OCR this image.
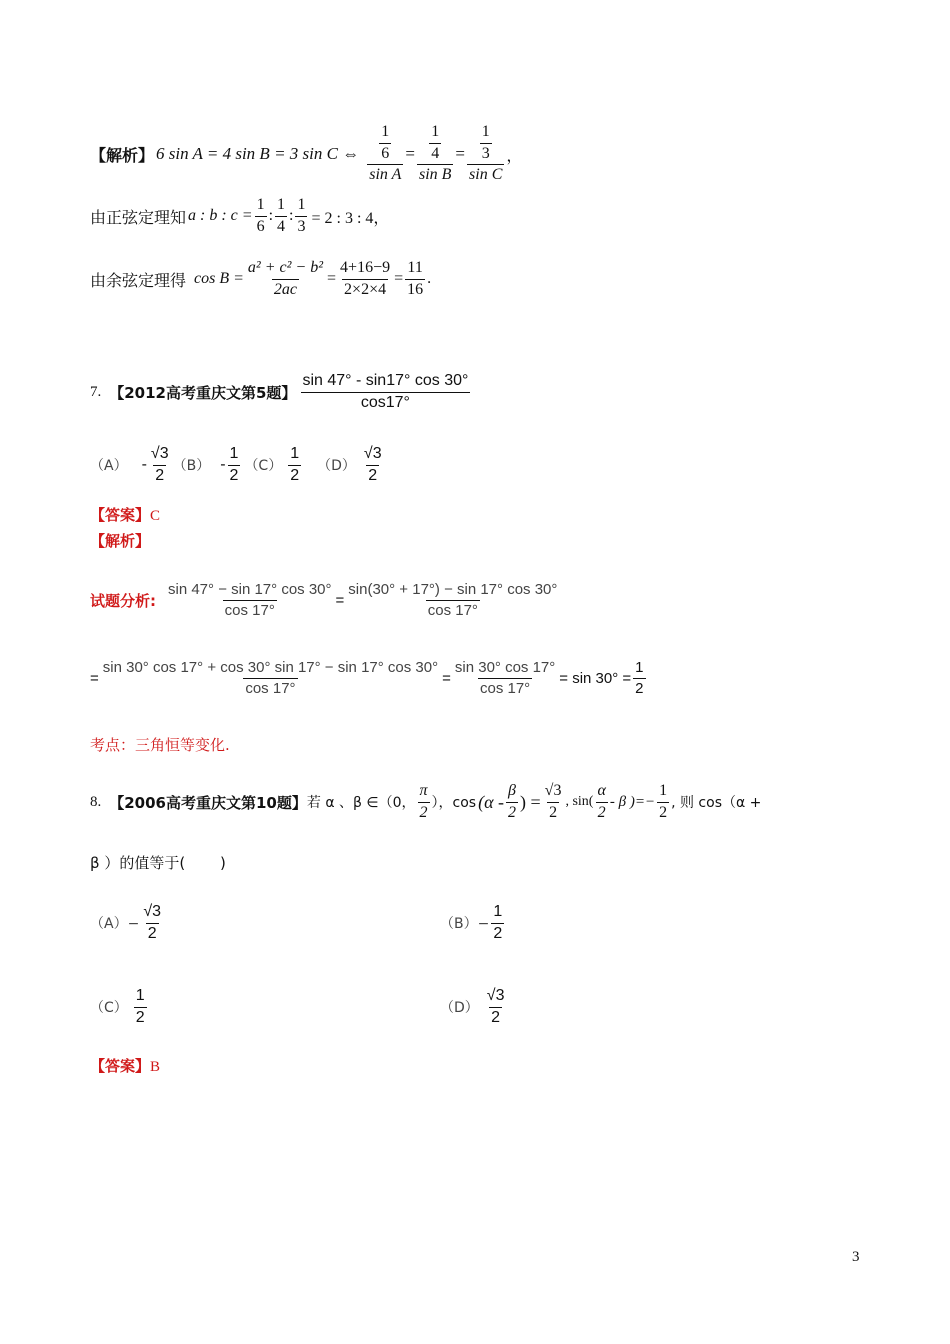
【解析】 6 sin A = 4 sin B = 3 sin C ⇔ $\frac{\frac{1}{6}}{\text{sin A}} = \frac{\frac{1}{4}}{\text{sin B}} = \frac{\frac{1}{3}}{\text{sin C}}$ ，
由正弦定理知 a : b : $c = \frac{1}{6}$ : $\frac{1}{4}$ : $\frac{1}{3} = 2$ : 3 : 4，
由余弦定理得 $\cos B = \frac{\text{a² + c² − b²}}{2ac} = \frac{4+16-9}{2\times 2\times 4} = \frac{11}{16}$ .
7. 【2012高考重庆文第5题】 $\frac{\sin 47^\circ - \sin 17^\circ \cos 30^\circ}{\cos 17^\circ}$
$(A) - \frac{√3}{2} (B) - \frac{1}{2} (C) \frac{1}{2} (D) \frac{√3}{2}$
【答案】C
【解析】
试题分析: $\frac{\sin 47^\circ - \sin 17^\circ \cos 30^\circ}{\cos 17^\circ} = \frac{\sin(30^\circ + 17^\circ) - \sin 17^\circ \cos 30^\circ}{\cos 17^\circ}$
= $\frac{\sin 30^\circ \cos 17^\circ + \cos 30^\circ \sin 17^\circ - \sin 17^\circ \cos 30^\circ}{\cos 17^\circ} = \frac{\sin 30^\circ \cos 17^\circ}{\cos 17^\circ} = \sin 30^\circ = \frac{1}{2}$
考点：三角恒等变化.
8. 【2006高考重庆文第10题】 若 α 、β ∈（0， $\frac{\pi}{2}$ ），$\cos (\alpha - \frac{\beta}{2}$ ) = $\frac{√3}{2}$ , $\sin( \frac{\alpha}{2}$ - β )=− $\frac{1}{2}$ , 则 cos（α +
β ）的值等于(　　 )
$(A)- \frac{√3}{2}$	$(B)- \frac{1}{2}$
$(C) \frac{1}{2}$	$(D) \frac{√3}{2}$
【答案】B
3
